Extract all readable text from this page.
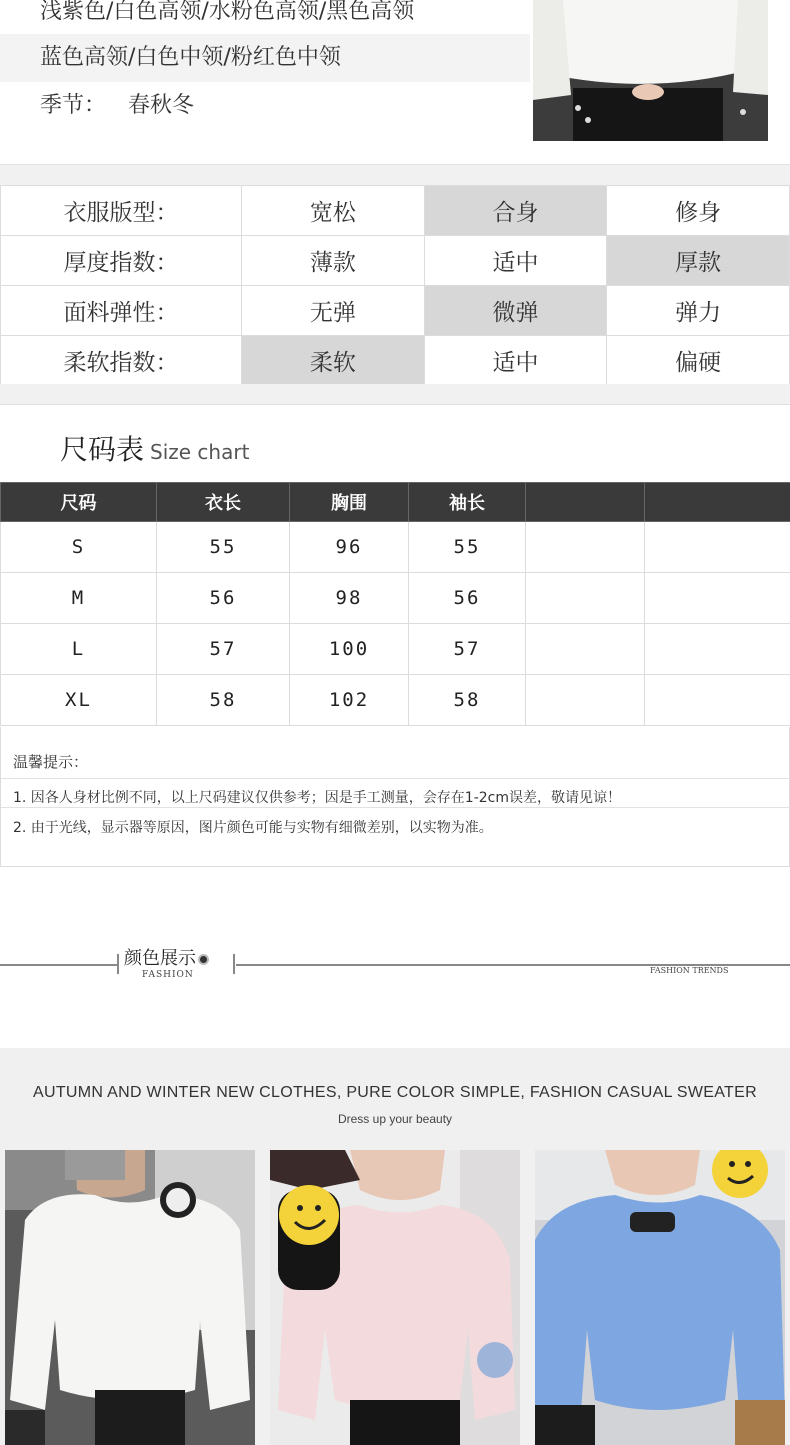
浅紫色/白色高领/水粉色高领/黑色高领
蓝色高领/白色中领/粉红色中领
季节： 春秋冬
衣服版型：	宽松	合身	修身
厚度指数：	薄款	适中	厚款
面料弹性：	无弹	微弹	弹力
柔软指数：	柔软	适中	偏硬
尺码表 Size chart
尺码	衣长	胸围	袖长		
S	55	96	55		
M	56	98	56		
L	57	100	57		
XL	58	102	58		
温馨提示：
1. 因各人身材比例不同，以上尺码建议仅供参考；因是手工测量，会存在1-2cm误差，敬请见谅！
2. 由于光线，显示器等原因，图片颜色可能与实物有细微差别，以实物为准。
颜色展示
FASHION	FASHION TRENDS
AUTUMN AND WINTER NEW CLOTHES, PURE COLOR SIMPLE, FASHION CASUAL SWEATER
Dress up your beauty
